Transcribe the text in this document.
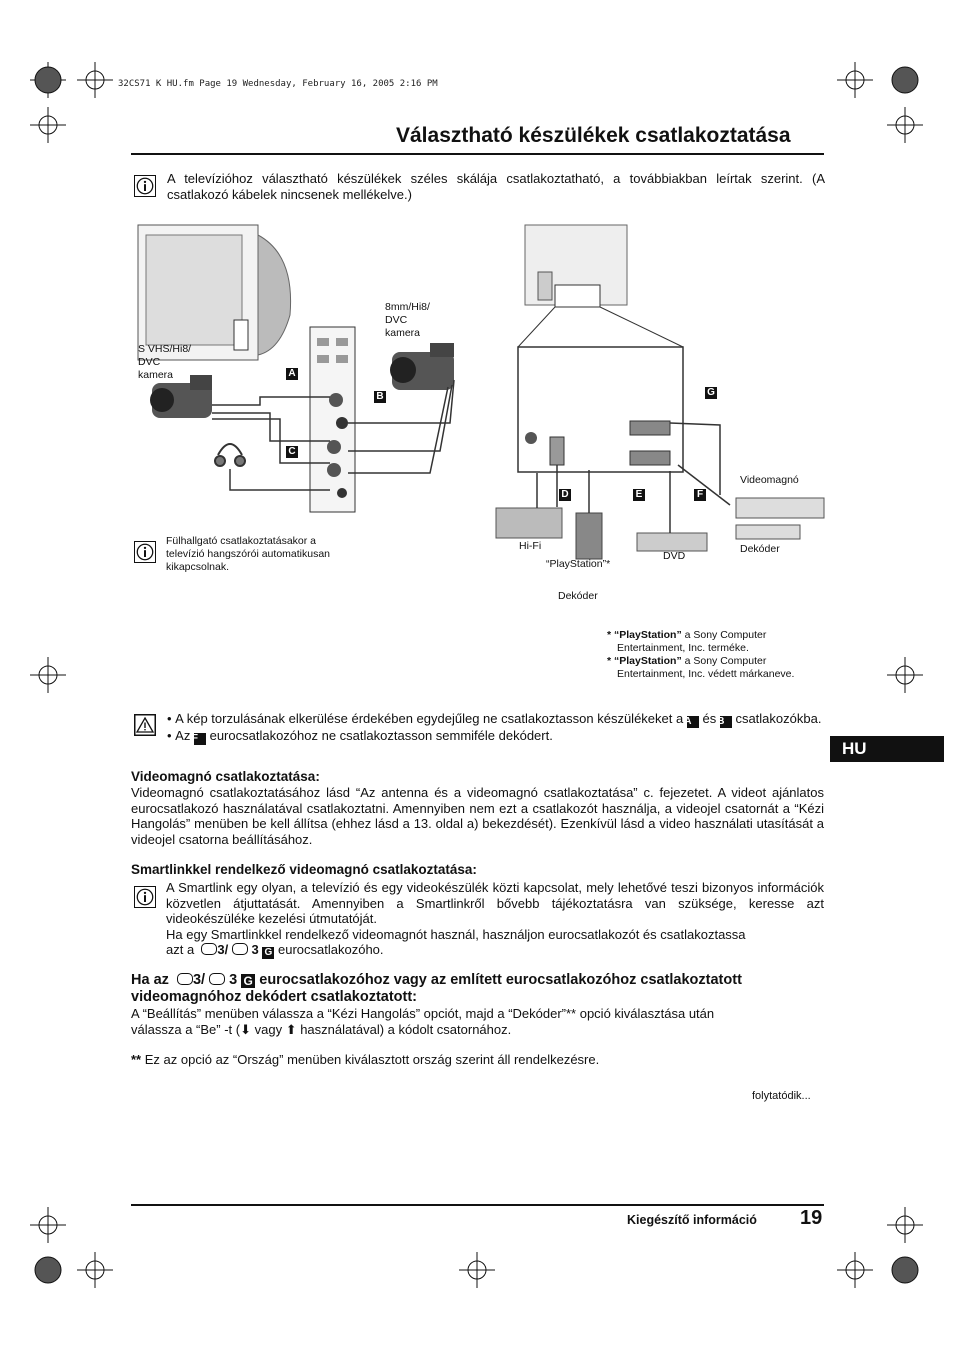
32CS71 K HU.fm Page 19 Wednesday, February 16, 2005 2:16 PM
Választható készülékek csatlakoztatása
A televízióhoz választható készülékek széles skálája csatlakoztatható, a továbbiakban leírtak szerint. (A csatlakozó kábelek nincsenek mellékelve.)
S VHS/Hi8/
DVC
kamera
8mm/Hi8/
DVC
kamera
A
B
C
D	E	F
G
Videomagnó
Dekóder
DVD
Hi-Fi
“PlayStation”*
Dekóder
Fülhallgató csatlakoztatásakor a televízió hangszórói automatikusan kikapcsolnak.
* “PlayStation” a Sony Computer
Entertainment, Inc. terméke.
* “PlayStation” a Sony Computer
Entertainment, Inc. védett márkaneve.
• A kép torzulásának elkerülése érdekében egydejűleg ne csatlakoztasson készülékeket a A és B csatlakozókba.
• Az F eurocsatlakozóhoz ne csatlakoztasson semmiféle dekódert.
HU
Videomagnó csatlakoztatása:
Videomagnó csatlakoztatásához lásd “Az antenna és a videomagnó csatlakoztatása” c. fejezetet. A videot ajánlatos eurocsatlakozó használatával csatlakoztatni. Amennyiben nem ezt a csatlakozót használja, a videojel csatornát a “Kézi Hangolás” menüben be kell állítsa (ehhez lásd a 13. oldal a) bekezdését). Ezenkívül lásd a video használati utasítását a videojel csatorna beállításához.
Smartlinkkel rendelkező videomagnó csatlakoztatása:
A Smartlink egy olyan, a televízió és egy videokészülék közti kapcsolat, mely lehetővé teszi bizonyos információk közvetlen átjuttatását. Amennyiben a Smartlinkről bővebb tájékoztatásra van szüksége, keresse azt videokészüléke kezelési útmutatóját.
Ha egy Smartlinkkel rendelkező videomagnót használ, használjon eurocsatlakozót és csatlakoztassa
azt a 3/ 3 G eurocsatlakozóho.
Ha az 3/ 3 G eurocsatlakozóhoz vagy az említett eurocsatlakozóhoz csatlakoztatott
videomagnóhoz dekódert csatlakoztatott:
A “Beállítás” menüben válassza a “Kézi Hangolás” opciót, majd a “Dekóder”** opció kiválasztása után
válassza a “Be” -t (⬇ vagy ⬆ használatával) a kódolt csatornához.
** Ez az opció az “Ország” menüben kiválasztott ország szerint áll rendelkezésre.
folytatódik...
Kiegészítő információ 19
